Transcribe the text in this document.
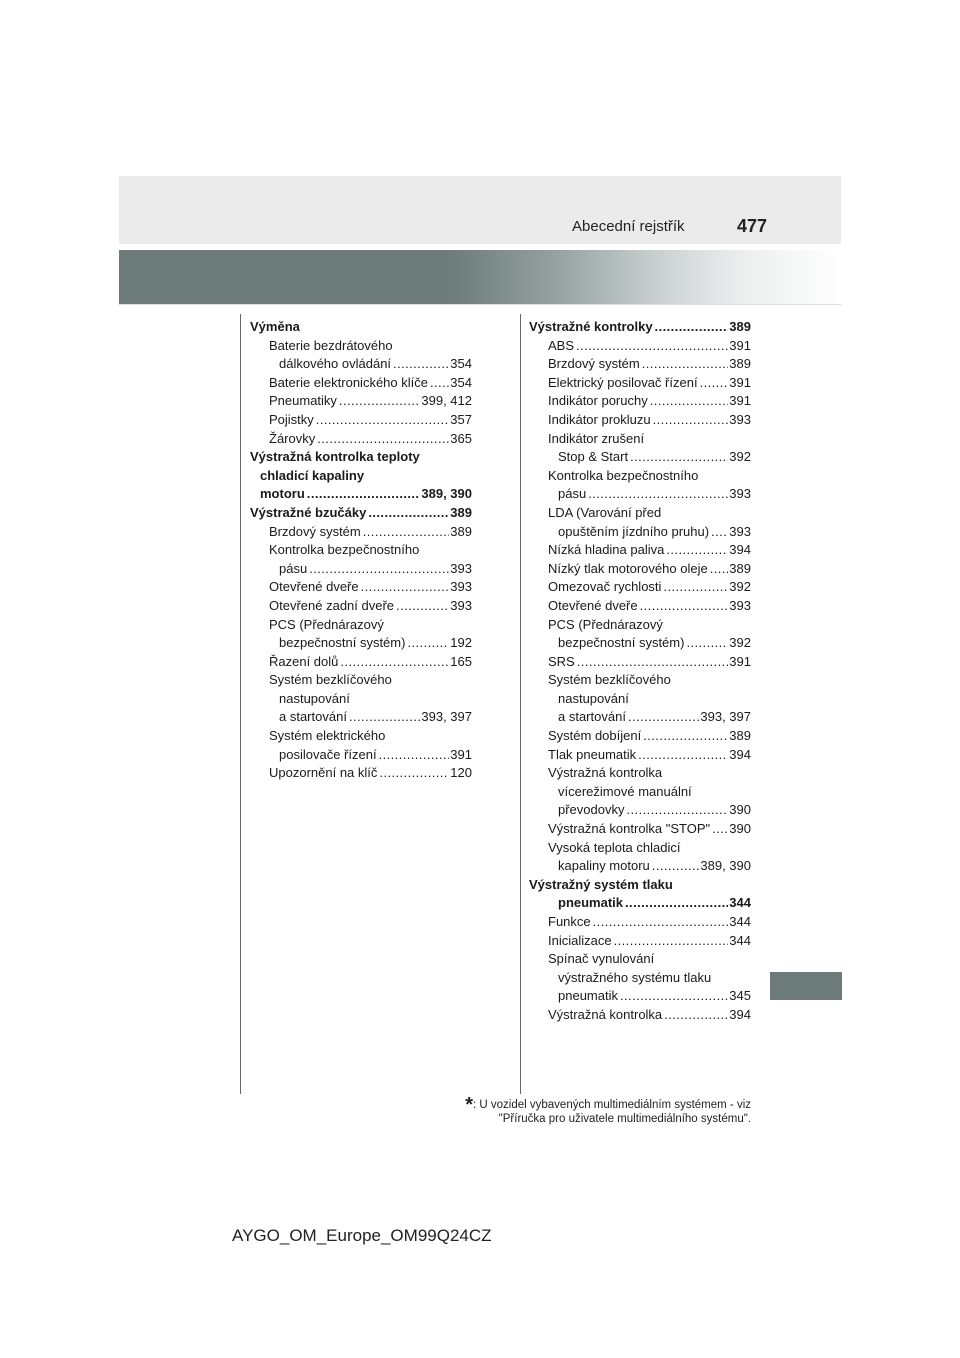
Abecední rejstřík	477
Výměna
Baterie bezdrátového
dálkového ovládání . . .	354
Baterie elektronického klíče . . . 354
Pneumatiky . . .	399, 412
Pojistky . . .	357
Žárovky . . .	365
Výstražná kontrolka teploty
chladicí kapaliny
motoru . . .	389, 390
Výstražné bzučáky . . .	389
Brzdový systém . . .	389
Kontrolka bezpečnostního
pásu . . .	393
Otevřené dveře . . .	393
Otevřené zadní dveře . . .	393
PCS (Přednárazový
bezpečnostní systém) . . .	192
Řazení dolů . . .	165
Systém bezklíčového
nastupování
a startování . . .	393, 397
Systém elektrického
posilovače řízení . . .	391
Upozornění na klíč . . .	120
Výstražné kontrolky . . .	389
ABS . . .	391
Brzdový systém . . .	389
Elektrický posilovač řízení . . . 391
Indikátor poruchy . . .	391
Indikátor prokluzu . . .	393
Indikátor zrušení
Stop & Start . . .	392
Kontrolka bezpečnostního
pásu . . .	393
LDA (Varování před
opuštěním jízdního pruhu) . . . 393
Nízká hladina paliva . . .	394
Nízký tlak motorového oleje . . . 389
Omezovač rychlosti . . .	392
Otevřené dveře . . .	393
PCS (Přednárazový
bezpečnostní systém) . . .	392
SRS . . .	391
Systém bezklíčového
nastupování
a startování . . .	393, 397
Systém dobíjení . . .	389
Tlak pneumatik . . .	394
Výstražná kontrolka
vícerežimové manuální
převodovky . . .	390
Výstražná kontrolka "STOP" . . . 390
Vysoká teplota chladicí
kapaliny motoru . . .	389, 390
Výstražný systém tlaku
pneumatik . . .	344
Funkce . . .	344
Inicializace . . .	344
Spínač vynulování
výstražného systému tlaku
pneumatik . . .	345
Výstražná kontrolka . . .	394
*: U vozidel vybavených multimediálním systémem - viz
"Příručka pro uživatele multimediálního systému".
AYGO_OM_Europe_OM99Q24CZ
